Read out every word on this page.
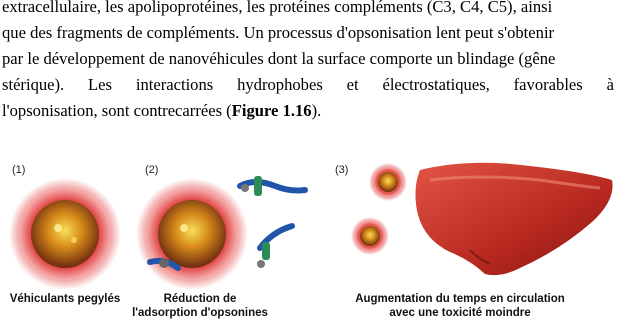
extracellulaire, les apolipoprotéines, les protéines compléments (C3, C4, C5), ainsi
que des fragments de compléments. Un processus d'opsonisation lent peut s'obtenir
par le développement de nanovéhicules dont la surface comporte un blindage (gêne
stérique). Les interactions hydrophobes et électrostatiques, favorables à
l'opsonisation, sont contrecarrées ( Figure 1.16 ).
(1)	(2)	(3)
Véhiculants pegylés	Réduction de
l'adsorption d'opsonines
Augmentation du temps en circulation
avec une toxicité moindre
